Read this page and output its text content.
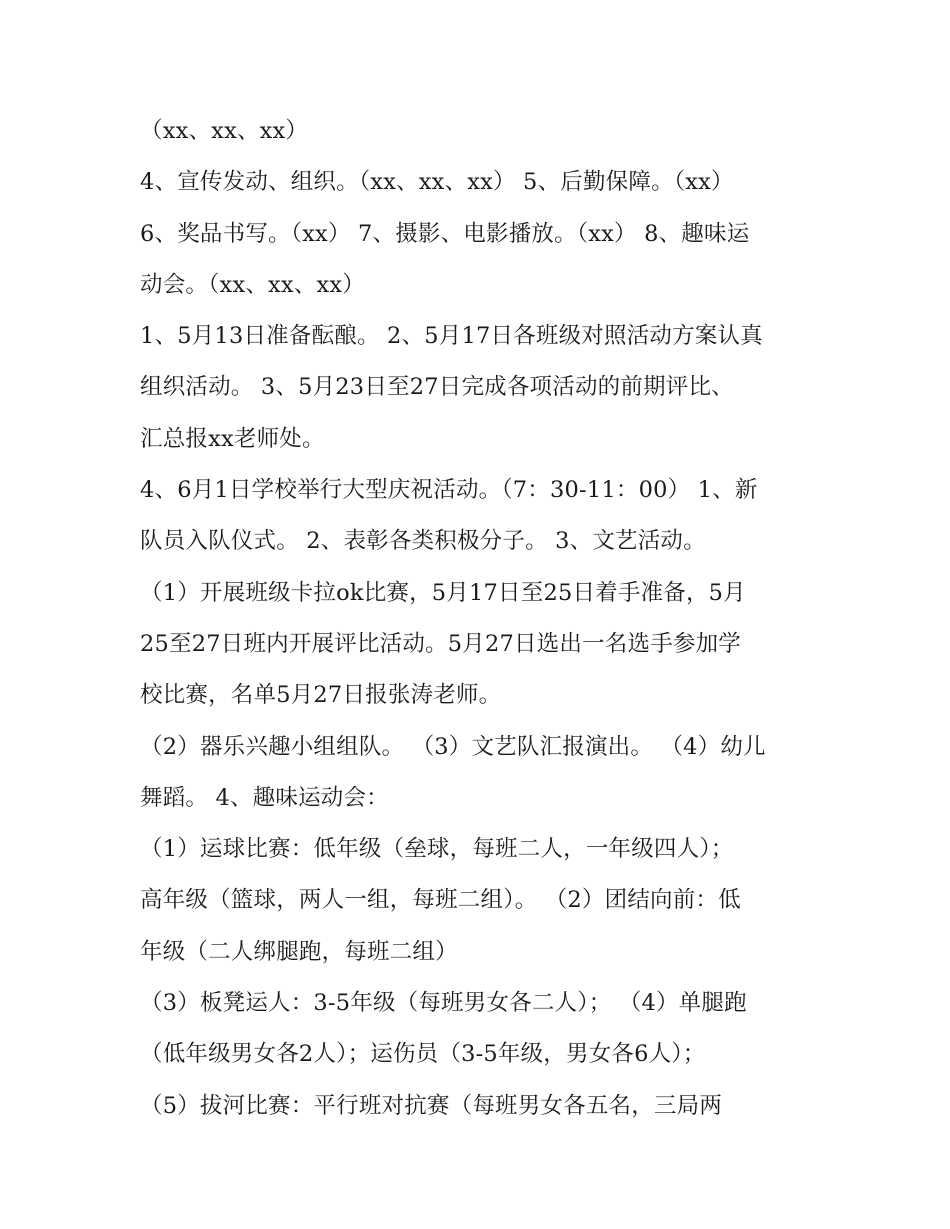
（xx、xx、xx）
4、宣传发动、组织。（xx、xx、xx） 5、后勤保障。（xx）
6、奖品书写。（xx） 7、摄影、电影播放。（xx） 8、趣味运
动会。（xx、xx、xx）
1、5月13日准备酝酿。 2、5月17日各班级对照活动方案认真
组织活动。 3、5月23日至27日完成各项活动的前期评比、
汇总报xx老师处。
4、6月1日学校举行大型庆祝活动。（7：30-11：00） 1、新
队员入队仪式。 2、表彰各类积极分子。 3、文艺活动。
（1）开展班级卡拉ok比赛，5月17日至25日着手准备，5月
25至27日班内开展评比活动。5月27日选出一名选手参加学
校比赛，名单5月27日报张涛老师。
（2）器乐兴趣小组组队。 （3）文艺队汇报演出。 （4）幼儿
舞蹈。 4、趣味运动会：
（1）运球比赛：低年级（垒球，每班二人，一年级四人）；
高年级（篮球，两人一组，每班二组）。 （2）团结向前：低
年级（二人绑腿跑，每班二组）
（3）板凳运人：3-5年级（每班男女各二人）； （4）单腿跑
（低年级男女各2人）；运伤员（3-5年级，男女各6人）；
（5）拔河比赛：平行班对抗赛（每班男女各五名，三局两
